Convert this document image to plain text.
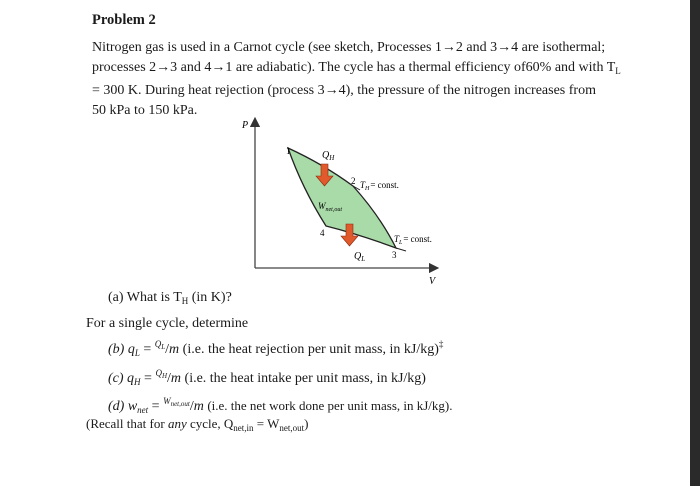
Problem 2
Nitrogen gas is used in a Carnot cycle (see sketch, Processes 1→2 and 3→4 are isothermal;
processes 2→3 and 4→1 are adiabatic). The cycle has a thermal efficiency of60% and with $T_L$
= 300 K. During heat rejection (process 3→4), the pressure of the nitrogen increases from
50 kPa to 150 kPa.
P
V
1
2
3
4
$Q_H$
$W_{net,out}$
$Q_L$
$T_H=$ const.
$T_L=$ const.
(a) What is $T_H$ (in K)?
For a single cycle, determine
(b) $q_L = ^{QL}/m$ (i.e. the heat rejection per unit mass, in kJ/kg)‡
(c) $q_H = ^{QH}/m$ (i.e. the heat intake per unit mass, in kJ/kg)
(d) $w_{net} = ^{Wnet,out}/m$ (i.e. the net work done per unit mass, in kJ/kg).
(Recall that for any cycle, $Q_{net,in} = W_{net,out}$)
